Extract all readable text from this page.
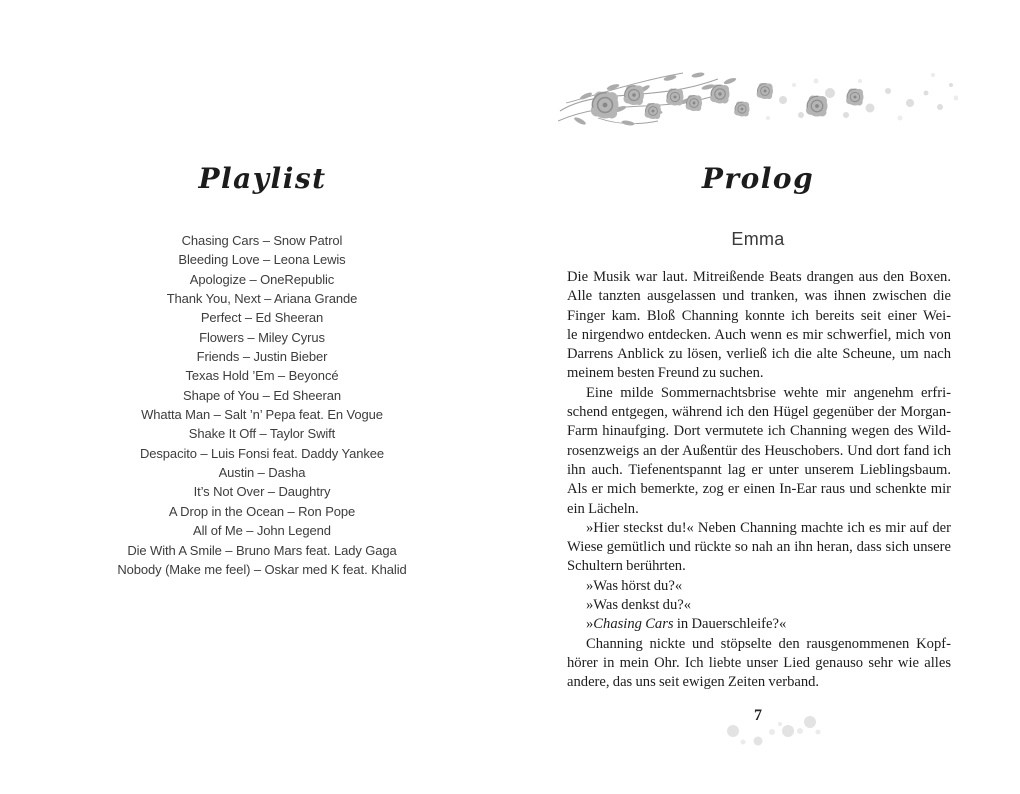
Playlist
Chasing Cars – Snow Patrol
Bleeding Love – Leona Lewis
Apologize – OneRepublic
Thank You, Next – Ariana Grande
Perfect – Ed Sheeran
Flowers – Miley Cyrus
Friends – Justin Bieber
Texas Hold ’Em – Beyoncé
Shape of You – Ed Sheeran
Whatta Man – Salt ’n’ Pepa feat. En Vogue
Shake It Off – Taylor Swift
Despacito – Luis Fonsi feat. Daddy Yankee
Austin – Dasha
It’s Not Over – Daughtry
A Drop in the Ocean – Ron Pope
All of Me – John Legend
Die With A Smile – Bruno Mars feat. Lady Gaga
Nobody (Make me feel) – Oskar med K feat. Khalid
Prolog
Emma
Die Musik war laut. Mitreißende Beats drangen aus den Boxen.
Alle tanzten ausgelassen und tranken, was ihnen zwischen die
Finger kam. Bloß Channing konnte ich bereits seit einer Wei-
le nirgendwo entdecken. Auch wenn es mir schwerfiel, mich von
Darrens Anblick zu lösen, verließ ich die alte Scheune, um nach
meinem besten Freund zu suchen.
Eine milde Sommernachtsbrise wehte mir angenehm erfri-
schend entgegen, während ich den Hügel gegenüber der Morgan-
Farm hinaufging. Dort vermutete ich Channing wegen des Wild-
rosenzweigs an der Außentür des Heuschobers. Und dort fand ich
ihn auch. Tiefenentspannt lag er unter unserem Lieblingsbaum.
Als er mich bemerkte, zog er einen In-Ear raus und schenkte mir
ein Lächeln.
»Hier steckst du!« Neben Channing machte ich es mir auf der
Wiese gemütlich und rückte so nah an ihn heran, dass sich unsere
Schultern berührten.
»Was hörst du?«
»Was denkst du?«
»Chasing Cars in Dauerschleife?«
Channing nickte und stöpselte den rausgenommenen Kopf-
hörer in mein Ohr. Ich liebte unser Lied genauso sehr wie alles
andere, das uns seit ewigen Zeiten verband.
7
